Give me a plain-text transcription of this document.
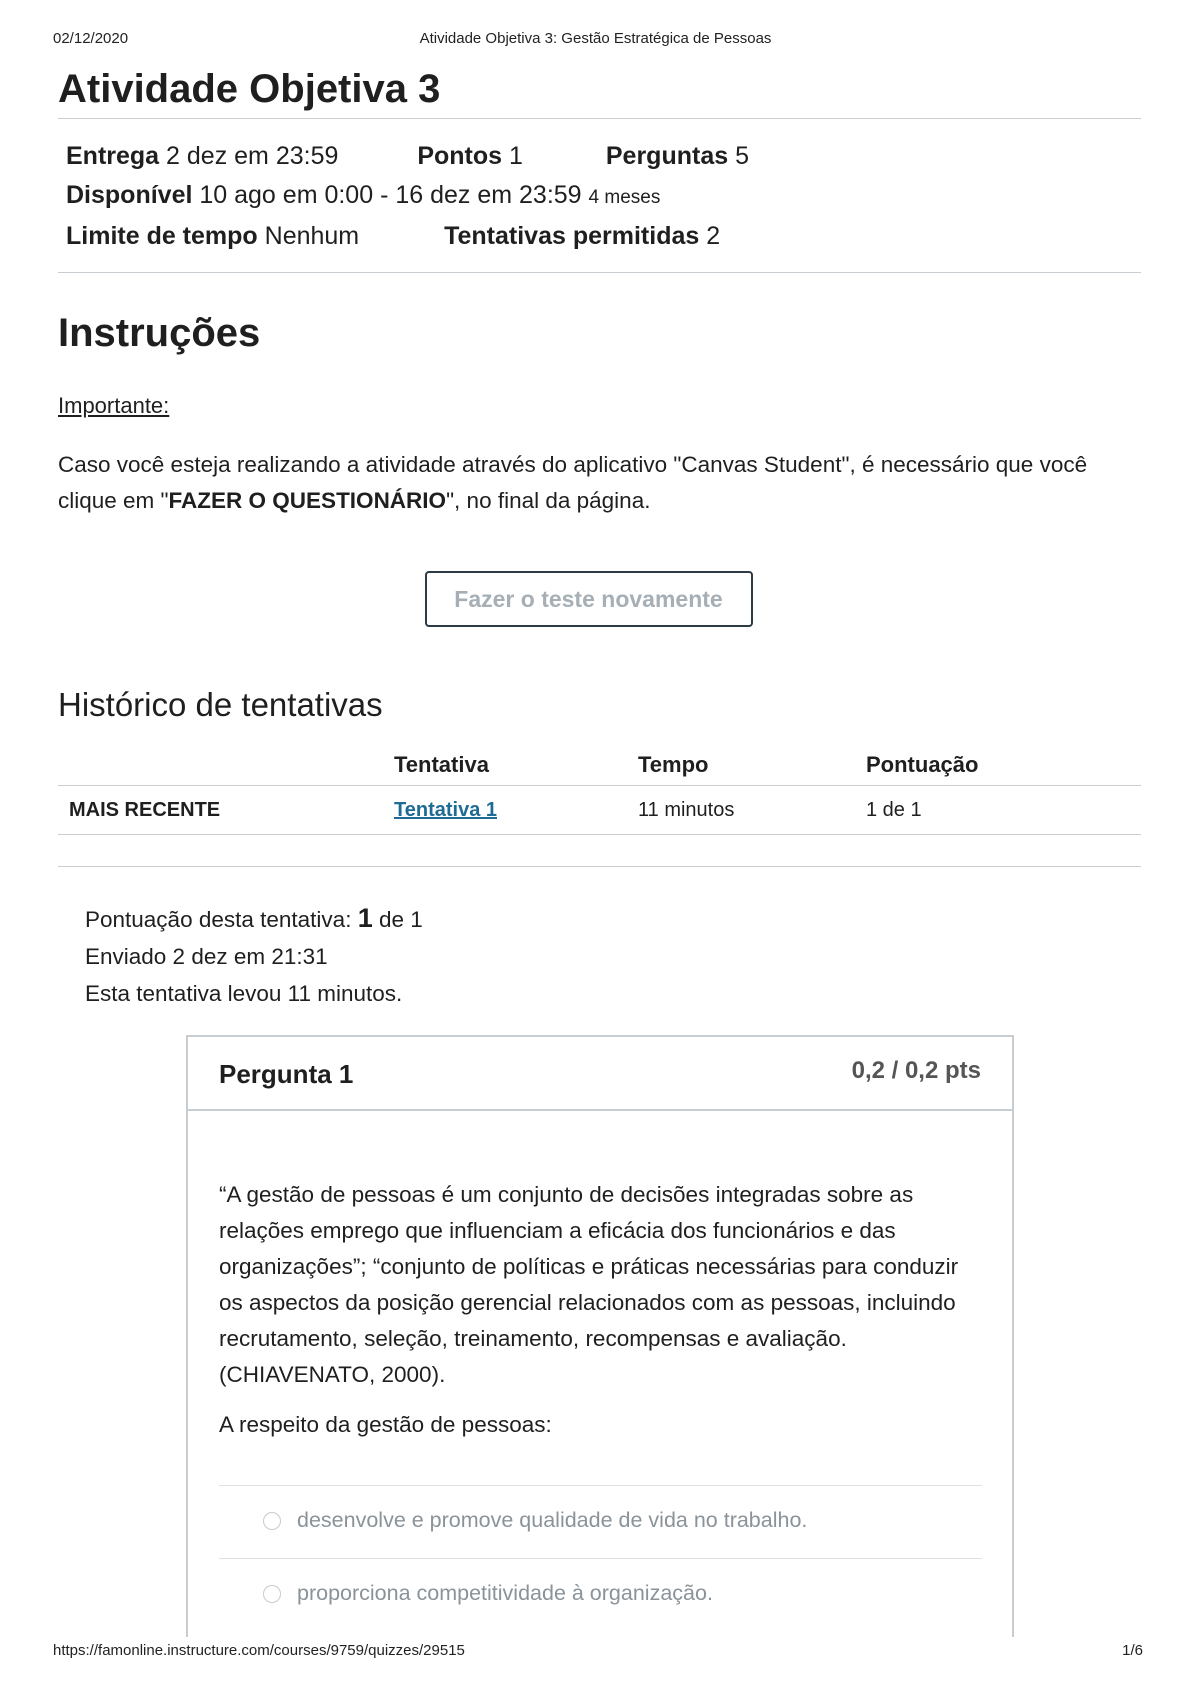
02/12/2020	Atividade Objetiva 3: Gestão Estratégica de Pessoas
Atividade Objetiva 3
Entrega 2 dez em 23:59	Pontos 1	Perguntas 5
Disponível 10 ago em 0:00 - 16 dez em 23:59 4 meses
Limite de tempo Nenhum	Tentativas permitidas 2
Instruções
Importante:
Caso você esteja realizando a atividade através do aplicativo "Canvas Student", é necessário que você clique em "FAZER O QUESTIONÁRIO", no final da página.
Fazer o teste novamente
Histórico de tentativas
	Tentativa	Tempo	Pontuação
MAIS RECENTE	Tentativa 1	11 minutos	1 de 1
Pontuação desta tentativa: 1 de 1
Enviado 2 dez em 21:31
Esta tentativa levou 11 minutos.
Pergunta 1	0,2 / 0,2 pts
“A gestão de pessoas é um conjunto de decisões integradas sobre as relações emprego que influenciam a eficácia dos funcionários e das organizações”; “conjunto de políticas e práticas necessárias para conduzir os aspectos da posição gerencial relacionados com as pessoas, incluindo recrutamento, seleção, treinamento, recompensas e avaliação. (CHIAVENATO, 2000).
A respeito da gestão de pessoas:
desenvolve e promove qualidade de vida no trabalho.
proporciona competitividade à organização.
https://famonline.instructure.com/courses/9759/quizzes/29515	1/6
